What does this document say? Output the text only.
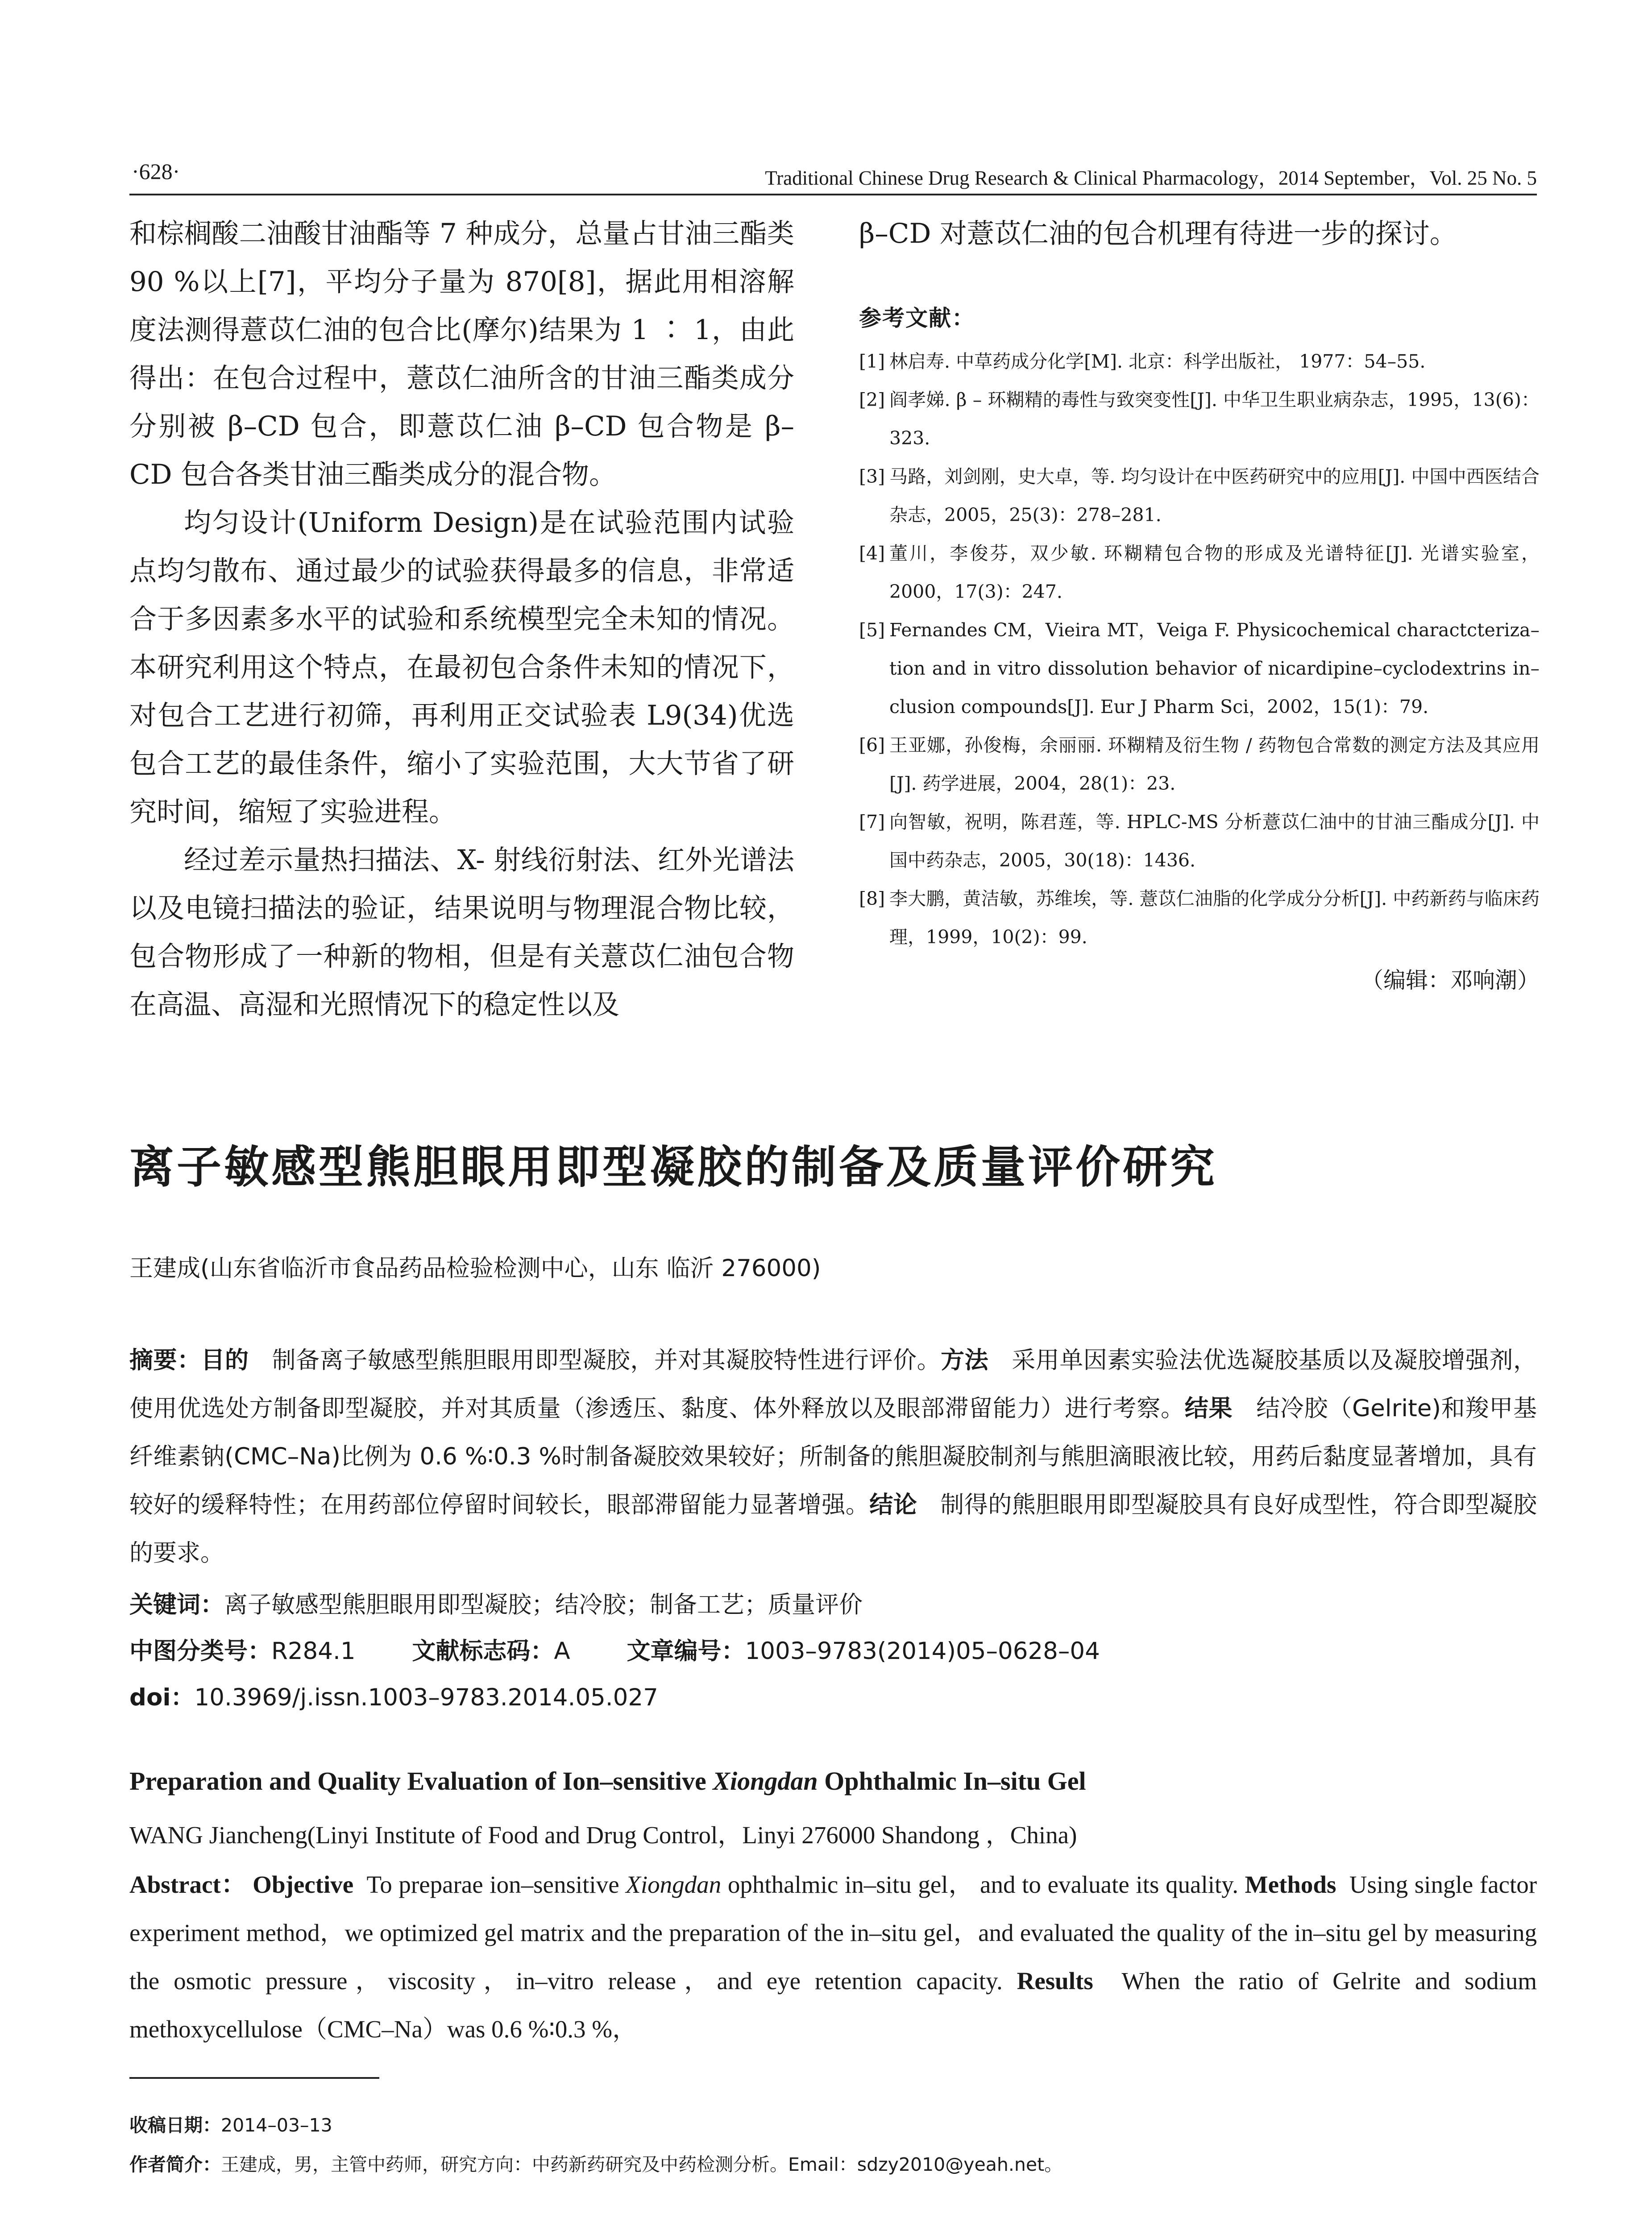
·628·	Traditional Chinese Drug Research & Clinical Pharmacology，2014 September，Vol. 25 No. 5

和棕榈酸二油酸甘油酯等 7 种成分，总量占甘油三酯类90 %以上[7]，平均分子量为 870[8]，据此用相溶解度法测得薏苡仁油的包合比(摩尔)结果为 1 ∶ 1，由此得出：在包合过程中，薏苡仁油所含的甘油三酯类成分分别被 β–CD 包合，即薏苡仁油 β–CD 包合物是 β–CD 包合各类甘油三酯类成分的混合物。

均匀设计(Uniform Design)是在试验范围内试验点均匀散布、通过最少的试验获得最多的信息，非常适合于多因素多水平的试验和系统模型完全未知的情况。本研究利用这个特点，在最初包合条件未知的情况下，对包合工艺进行初筛，再利用正交试验表 L9(34)优选包合工艺的最佳条件，缩小了实验范围，大大节省了研究时间，缩短了实验进程。

经过差示量热扫描法、X- 射线衍射法、红外光谱法以及电镜扫描法的验证，结果说明与物理混合物比较，包合物形成了一种新的物相，但是有关薏苡仁油包合物在高温、高湿和光照情况下的稳定性以及

β–CD 对薏苡仁油的包合机理有待进一步的探讨。

参考文献：
[1] 林启寿. 中草药成分化学[M]. 北京：科学出版社， 1977：54–55.
[2] 阎孝娣. β – 环糊精的毒性与致突变性[J]. 中华卫生职业病杂志，1995，13(6)：323.
[3] 马路，刘剑刚，史大卓，等. 均匀设计在中医药研究中的应用[J]. 中国中西医结合杂志，2005，25(3)：278–281.
[4] 董川，李俊芬，双少敏. 环糊精包合物的形成及光谱特征[J]. 光谱实验室，2000，17(3)：247.
[5] Fernandes CM，Vieira MT，Veiga F. Physicochemical charactcteriza–tion and in vitro dissolution behavior of nicardipine–cyclodextrins in–clusion compounds[J]. Eur J Pharm Sci，2002，15(1)：79.
[6] 王亚娜，孙俊梅，余丽丽. 环糊精及衍生物 / 药物包合常数的测定方法及其应用[J]. 药学进展，2004，28(1)：23.
[7] 向智敏，祝明，陈君莲，等. HPLC-MS 分析薏苡仁油中的甘油三酯成分[J]. 中国中药杂志，2005，30(18)：1436.
[8] 李大鹏，黄洁敏，苏维埃，等. 薏苡仁油脂的化学成分分析[J]. 中药新药与临床药理，1999，10(2)：99.
（编辑：邓响潮）
离子敏感型熊胆眼用即型凝胶的制备及质量评价研究
王建成(山东省临沂市食品药品检验检测中心，山东 临沂 276000)
摘要：目的 制备离子敏感型熊胆眼用即型凝胶，并对其凝胶特性进行评价。方法 采用单因素实验法优选凝胶基质以及凝胶增强剂，使用优选处方制备即型凝胶，并对其质量（渗透压、黏度、体外释放以及眼部滞留能力）进行考察。结果 结冷胶（Gelrite)和羧甲基纤维素钠(CMC–Na)比例为 0.6 %∶0.3 %时制备凝胶效果较好；所制备的熊胆凝胶制剂与熊胆滴眼液比较，用药后黏度显著增加，具有较好的缓释特性；在用药部位停留时间较长，眼部滞留能力显著增强。结论 制得的熊胆眼用即型凝胶具有良好成型性，符合即型凝胶的要求。
关键词：离子敏感型熊胆眼用即型凝胶；结冷胶；制备工艺；质量评价
中图分类号：R284.1 文献标志码：A 文章编号：1003–9783(2014)05–0628–04
doi：10.3969/j.issn.1003–9783.2014.05.027
Preparation and Quality Evaluation of Ion–sensitive Xiongdan Ophthalmic In–situ Gel
WANG Jiancheng(Linyi Institute of Food and Drug Control，Linyi 276000 Shandong ，China)
Abstract： Objective To preparae ion–sensitive Xiongdan ophthalmic in–situ gel， and to evaluate its quality. Methods Using single factor experiment method，we optimized gel matrix and the preparation of the in–situ gel，and evaluated the quality of the in–situ gel by measuring the osmotic pressure，viscosity，in–vitro release，and eye retention capacity. Results When the ratio of Gelrite and sodium methoxycellulose（CMC–Na）was 0.6 %∶0.3 %，
收稿日期：2014–03–13
作者简介：王建成，男，主管中药师，研究方向：中药新药研究及中药检测分析。Email：sdzy2010@yeah.net。
